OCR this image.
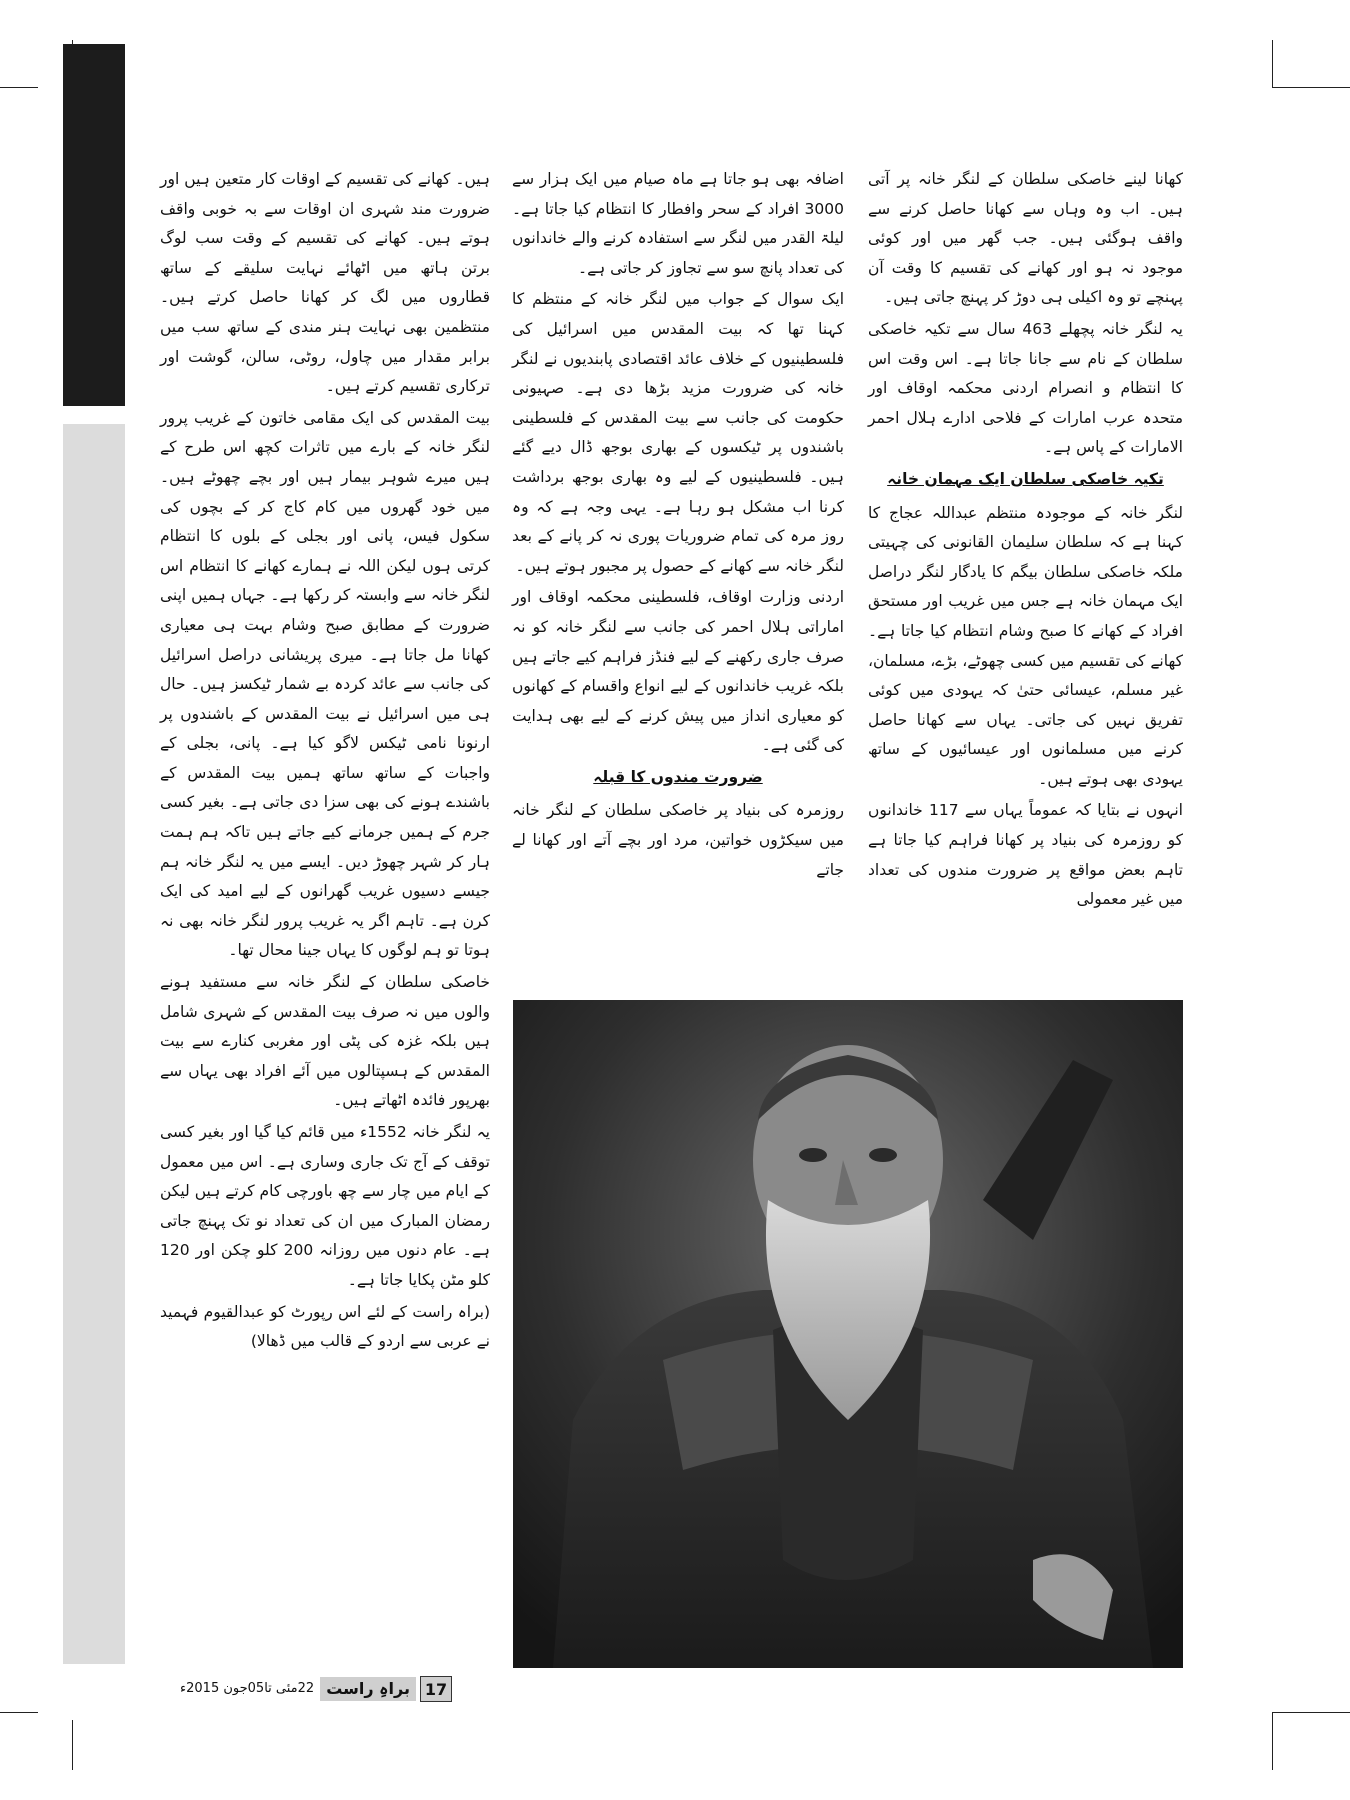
کھانا لینے خاصکی سلطان کے لنگر خانہ پر آتی ہیں۔ اب وہ وہاں سے کھانا حاصل کرنے سے واقف ہوگئی ہیں۔ جب گھر میں اور کوئی موجود نہ ہو اور کھانے کی تقسیم کا وقت آن پہنچے تو وہ اکیلی ہی دوڑ کر پہنچ جاتی ہیں۔

یہ لنگر خانہ پچھلے 463 سال سے تکیہ خاصکی سلطان کے نام سے جانا جاتا ہے۔ اس وقت اس کا انتظام و انصرام اردنی محکمہ اوقاف اور متحدہ عرب امارات کے فلاحی ادارے ہلال احمر الامارات کے پاس ہے۔

تکیہ خاصکی سلطان ایک مہمان خانہ

لنگر خانہ کے موجودہ منتظم عبداللہ عجاج کا کہنا ہے کہ سلطان سلیمان القانونی کی چہیتی ملکہ خاصکی سلطان بیگم کا یادگار لنگر دراصل ایک مہمان خانہ ہے جس میں غریب اور مستحق افراد کے کھانے کا صبح وشام انتظام کیا جاتا ہے۔ کھانے کی تقسیم میں کسی چھوٹے، بڑے، مسلمان، غیر مسلم، عیسائی حتیٰ کہ یہودی میں کوئی تفریق نہیں کی جاتی۔ یہاں سے کھانا حاصل کرنے میں مسلمانوں اور عیسائیوں کے ساتھ یہودی بھی ہوتے ہیں۔

انہوں نے بتایا کہ عموماً یہاں سے 117 خاندانوں کو روزمرہ کی بنیاد پر کھانا فراہم کیا جاتا ہے تاہم بعض مواقع پر ضرورت مندوں کی تعداد میں غیر معمولی

اضافہ بھی ہو جاتا ہے ماہ صیام میں ایک ہزار سے 3000 افراد کے سحر وافطار کا انتظام کیا جاتا ہے۔ لیلۃ القدر میں لنگر سے استفادہ کرنے والے خاندانوں کی تعداد پانچ سو سے تجاوز کر جاتی ہے۔

ایک سوال کے جواب میں لنگر خانہ کے منتظم کا کہنا تھا کہ بیت المقدس میں اسرائیل کی فلسطینیوں کے خلاف عائد اقتصادی پابندیوں نے لنگر خانہ کی ضرورت مزید بڑھا دی ہے۔ صہیونی حکومت کی جانب سے بیت المقدس کے فلسطینی باشندوں پر ٹیکسوں کے بھاری بوجھ ڈال دیے گئے ہیں۔ فلسطینیوں کے لیے وہ بھاری بوجھ برداشت کرنا اب مشکل ہو رہا ہے۔ یہی وجہ ہے کہ وہ روز مرہ کی تمام ضروریات پوری نہ کر پانے کے بعد لنگر خانہ سے کھانے کے حصول پر مجبور ہوتے ہیں۔

اردنی وزارت اوقاف، فلسطینی محکمہ اوقاف اور اماراتی ہلال احمر کی جانب سے لنگر خانہ کو نہ صرف جاری رکھنے کے لیے فنڈز فراہم کیے جاتے ہیں بلکہ غریب خاندانوں کے لیے انواع واقسام کے کھانوں کو معیاری انداز میں پیش کرنے کے لیے بھی ہدایت کی گئی ہے۔

ضرورت مندوں کا قبلہ

روزمرہ کی بنیاد پر خاصکی سلطان کے لنگر خانہ میں سیکڑوں خواتین، مرد اور بچے آتے اور کھانا لے جاتے

ہیں۔ کھانے کی تقسیم کے اوقات کار متعین ہیں اور ضرورت مند شہری ان اوقات سے بہ خوبی واقف ہوتے ہیں۔ کھانے کی تقسیم کے وقت سب لوگ برتن ہاتھ میں اٹھائے نہایت سلیقے کے ساتھ قطاروں میں لگ کر کھانا حاصل کرتے ہیں۔ منتظمین بھی نہایت ہنر مندی کے ساتھ سب میں برابر مقدار میں چاول، روٹی، سالن، گوشت اور ترکاری تقسیم کرتے ہیں۔

بیت المقدس کی ایک مقامی خاتون کے غریب پرور لنگر خانہ کے بارے میں تاثرات کچھ اس طرح کے ہیں میرے شوہر بیمار ہیں اور بچے چھوٹے ہیں۔ میں خود گھروں میں کام کاج کر کے بچوں کی سکول فیس، پانی اور بجلی کے بلوں کا انتظام کرتی ہوں لیکن اللہ نے ہمارے کھانے کا انتظام اس لنگر خانہ سے وابستہ کر رکھا ہے۔ جہاں ہمیں اپنی ضرورت کے مطابق صبح وشام بہت ہی معیاری کھانا مل جاتا ہے۔ میری پریشانی دراصل اسرائیل کی جانب سے عائد کردہ بے شمار ٹیکسز ہیں۔ حال ہی میں اسرائیل نے بیت المقدس کے باشندوں پر ارنونا نامی ٹیکس لاگو کیا ہے۔ پانی، بجلی کے واجبات کے ساتھ ساتھ ہمیں بیت المقدس کے باشندے ہونے کی بھی سزا دی جاتی ہے۔ بغیر کسی جرم کے ہمیں جرمانے کیے جاتے ہیں تاکہ ہم ہمت ہار کر شہر چھوڑ دیں۔ ایسے میں یہ لنگر خانہ ہم جیسے دسیوں غریب گھرانوں کے لیے امید کی ایک کرن ہے۔ تاہم اگر یہ غریب پرور لنگر خانہ بھی نہ ہوتا تو ہم لوگوں کا یہاں جینا محال تھا۔

خاصکی سلطان کے لنگر خانہ سے مستفید ہونے والوں میں نہ صرف بیت المقدس کے شہری شامل ہیں بلکہ غزہ کی پٹی اور مغربی کنارے سے بیت المقدس کے ہسپتالوں میں آئے افراد بھی یہاں سے بھرپور فائدہ اٹھاتے ہیں۔

یہ لنگر خانہ 1552ء میں قائم کیا گیا اور بغیر کسی توقف کے آج تک جاری وساری ہے۔ اس میں معمول کے ایام میں چار سے چھ باورچی کام کرتے ہیں لیکن رمضان المبارک میں ان کی تعداد نو تک پہنچ جاتی ہے۔ عام دنوں میں روزانہ 200 کلو چکن اور 120 کلو مٹن پکایا جاتا ہے۔

(براہ راست کے لئے اس رپورٹ کو عبدالقیوم فہمید نے عربی سے اردو کے قالب میں ڈھالا)

17
براہِ راست
22مئی تا05جون 2015ء
